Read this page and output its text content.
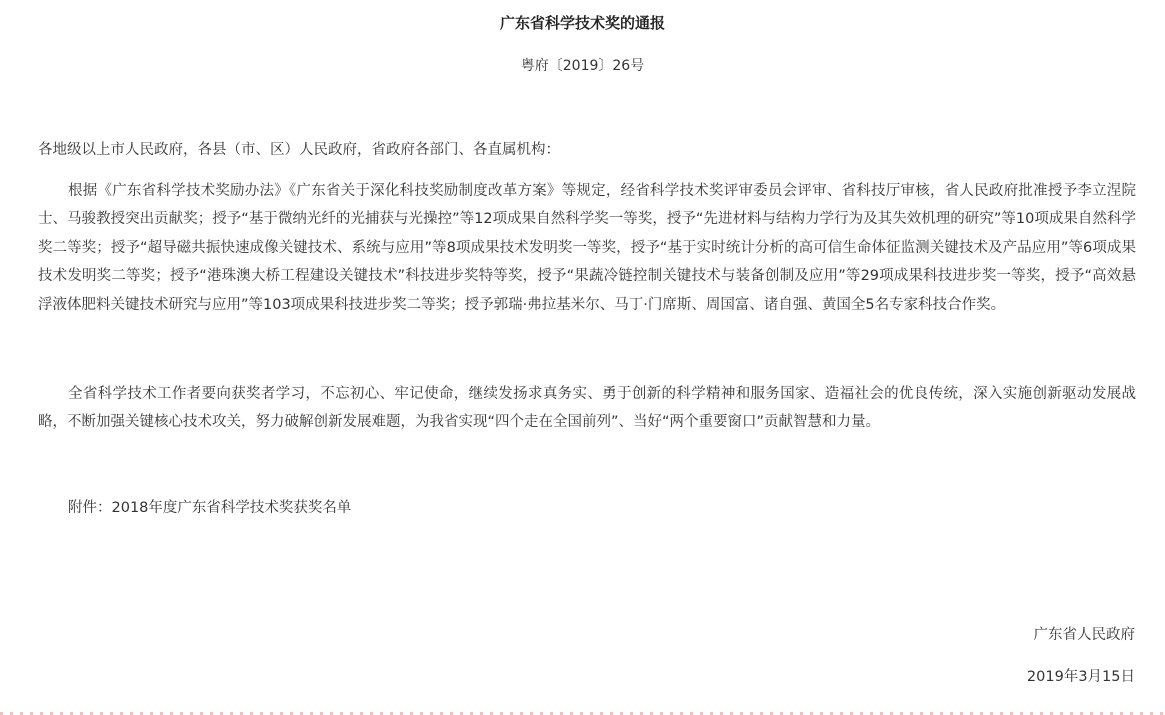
广东省科学技术奖的通报
粤府〔2019〕26号
各地级以上市人民政府，各县（市、区）人民政府，省政府各部门、各直属机构：

根据《广东省科学技术奖励办法》《广东省关于深化科技奖励制度改革方案》等规定，经省科学技术奖评审委员会评审、省科技厅审核，省人民政府批准授予李立涅院士、马骏教授突出贡献奖；授予“基于微纳光纤的光捕获与光操控”等12项成果自然科学奖一等奖，授予“先进材料与结构力学行为及其失效机理的研究”等10项成果自然科学奖二等奖；授予“超导磁共振快速成像关键技术、系统与应用”等8项成果技术发明奖一等奖，授予“基于实时统计分析的高可信生命体征监测关键技术及产品应用”等6项成果技术发明奖二等奖；授予“港珠澳大桥工程建设关键技术”科技进步奖特等奖，授予“果蔬冷链控制关键技术与装备创制及应用”等29项成果科技进步奖一等奖，授予“高效悬浮液体肥料关键技术研究与应用”等103项成果科技进步奖二等奖；授予郭瑞·弗拉基米尔、马丁·门席斯、周国富、诸自强、黄国全5名专家科技合作奖。

全省科学技术工作者要向获奖者学习，不忘初心、牢记使命，继续发扬求真务实、勇于创新的科学精神和服务国家、造福社会的优良传统，深入实施创新驱动发展战略，不断加强关键核心技术攻关，努力破解创新发展难题，为我省实现“四个走在全国前列”、当好“两个重要窗口”贡献智慧和力量。

附件：2018年度广东省科学技术奖获奖名单
广东省人民政府
2019年3月15日
